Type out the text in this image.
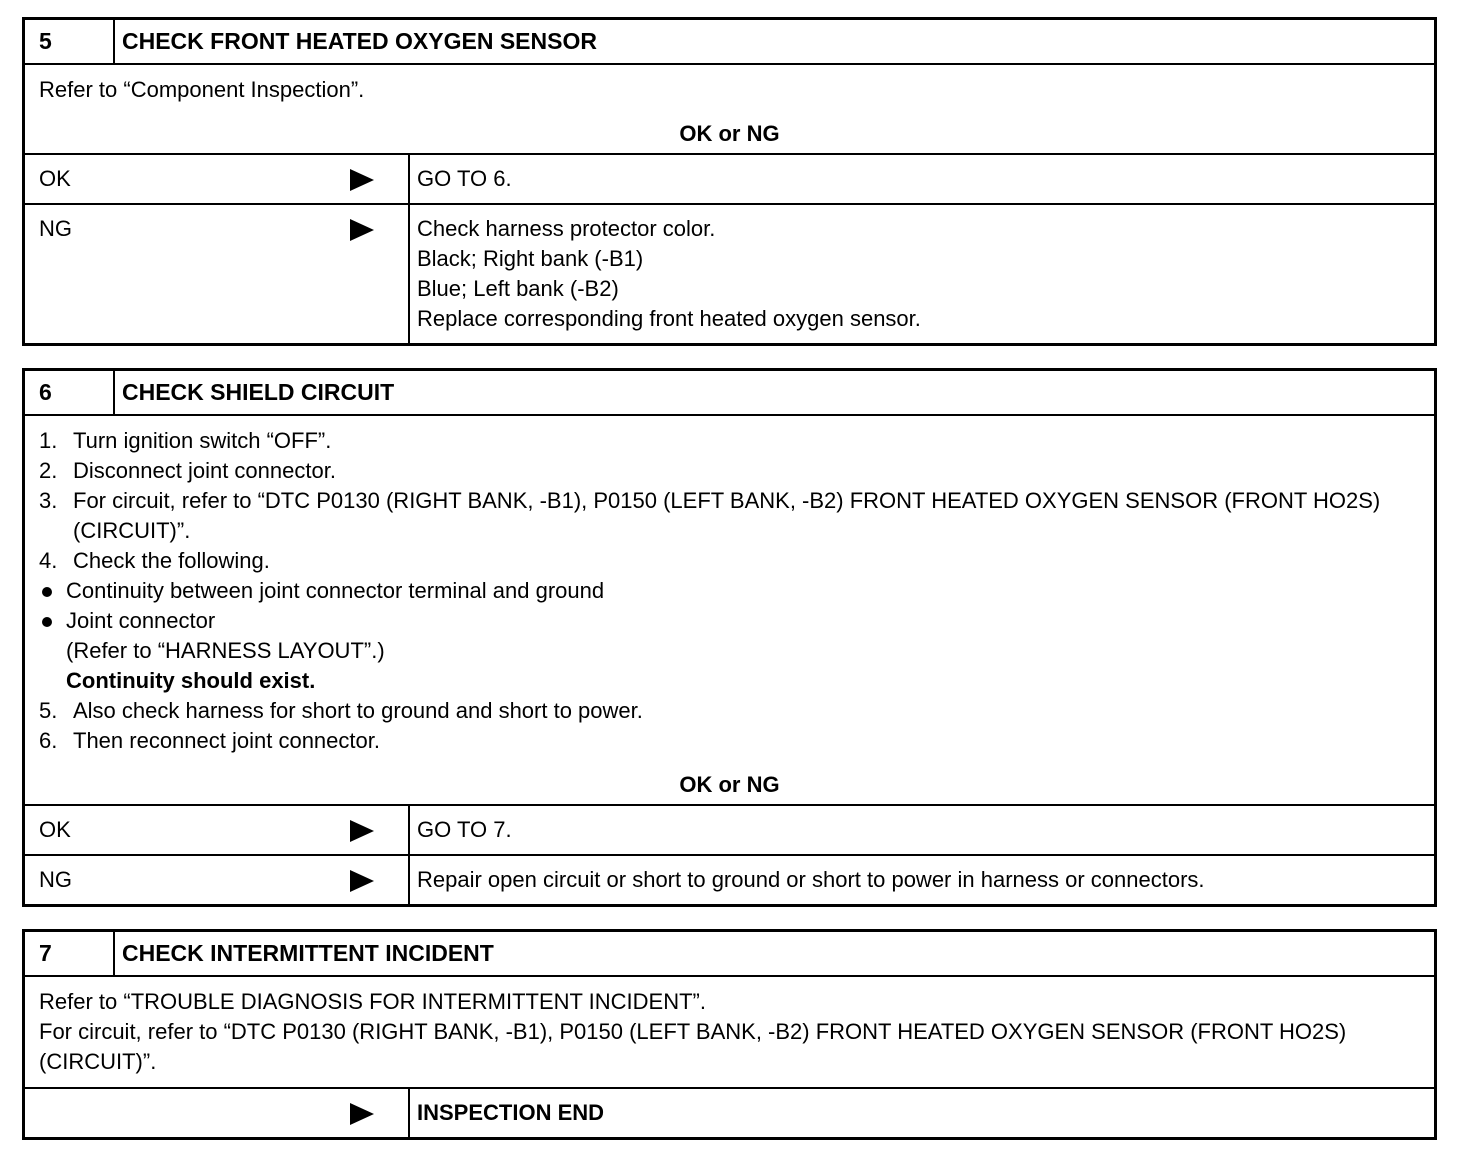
5	CHECK FRONT HEATED OXYGEN SENSOR
Refer to “Component Inspection”.
OK or NG
OK	GO TO 6.
NG	Check harness protector color.
Black; Right bank (-B1)
Blue; Left bank (-B2)
Replace corresponding front heated oxygen sensor.
6	CHECK SHIELD CIRCUIT
1. Turn ignition switch “OFF”.
2. Disconnect joint connector.
3. For circuit, refer to “DTC P0130 (RIGHT BANK, -B1), P0150 (LEFT BANK, -B2) FRONT HEATED OXYGEN SENSOR (FRONT HO2S) (CIRCUIT)”.
4. Check the following.
Continuity between joint connector terminal and ground
Joint connector
(Refer to “HARNESS LAYOUT”.)
Continuity should exist.
5. Also check harness for short to ground and short to power.
6. Then reconnect joint connector.
OK or NG
OK	GO TO 7.
NG	Repair open circuit or short to ground or short to power in harness or connectors.
7	CHECK INTERMITTENT INCIDENT
Refer to “TROUBLE DIAGNOSIS FOR INTERMITTENT INCIDENT”.
For circuit, refer to “DTC P0130 (RIGHT BANK, -B1), P0150 (LEFT BANK, -B2) FRONT HEATED OXYGEN SENSOR (FRONT HO2S) (CIRCUIT)”.

INSPECTION END
